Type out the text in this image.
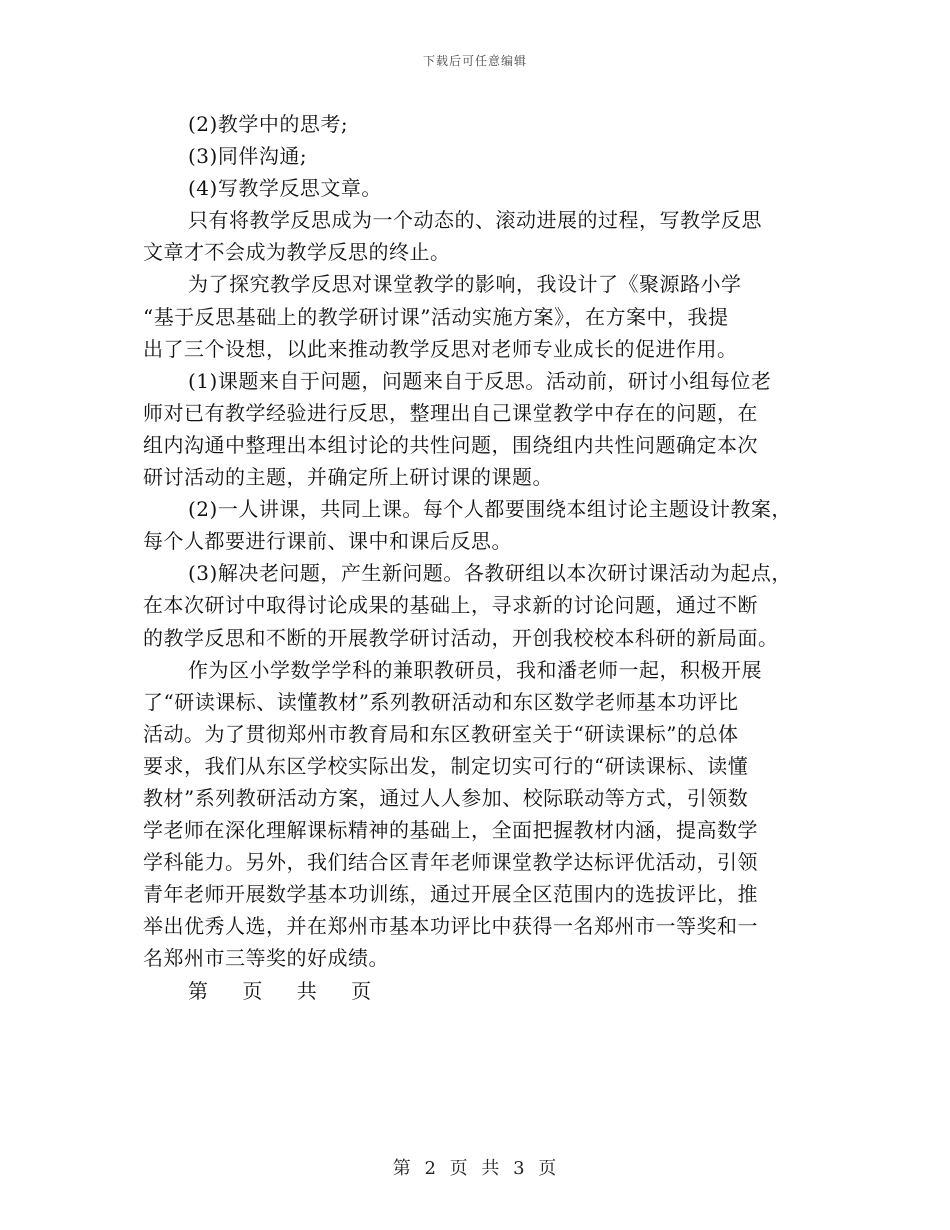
下载后可任意编辑
(2)教学中的思考;
(3)同伴沟通;
(4)写教学反思文章。
只有将教学反思成为一个动态的、滚动进展的过程，写教学反思
文章才不会成为教学反思的终止。
为了探究教学反思对课堂教学的影响，我设计了《聚源路小学
“基于反思基础上的教学研讨课”活动实施方案》，在方案中，我提
出了三个设想，以此来推动教学反思对老师专业成长的促进作用。
(1)课题来自于问题，问题来自于反思。活动前，研讨小组每位老
师对已有教学经验进行反思，整理出自己课堂教学中存在的问题，在
组内沟通中整理出本组讨论的共性问题，围绕组内共性问题确定本次
研讨活动的主题，并确定所上研讨课的课题。
(2)一人讲课，共同上课。每个人都要围绕本组讨论主题设计教案，
每个人都要进行课前、课中和课后反思。
(3)解决老问题，产生新问题。各教研组以本次研讨课活动为起点，
在本次研讨中取得讨论成果的基础上，寻求新的讨论问题，通过不断
的教学反思和不断的开展教学研讨活动，开创我校校本科研的新局面。
作为区小学数学学科的兼职教研员，我和潘老师一起，积极开展
了“研读课标、读懂教材”系列教研活动和东区数学老师基本功评比
活动。为了贯彻郑州市教育局和东区教研室关于“研读课标”的总体
要求，我们从东区学校实际出发，制定切实可行的“研读课标、读懂
教材”系列教研活动方案，通过人人参加、校际联动等方式，引领数
学老师在深化理解课标精神的基础上，全面把握教材内涵，提高数学
学科能力。另外，我们结合区青年老师课堂教学达标评优活动，引领
青年老师开展数学基本功训练，通过开展全区范围内的选拔评比，推
举出优秀人选，并在郑州市基本功评比中获得一名郑州市一等奖和一
名郑州市三等奖的好成绩。
第 页 共 页
第 2 页 共 3 页
